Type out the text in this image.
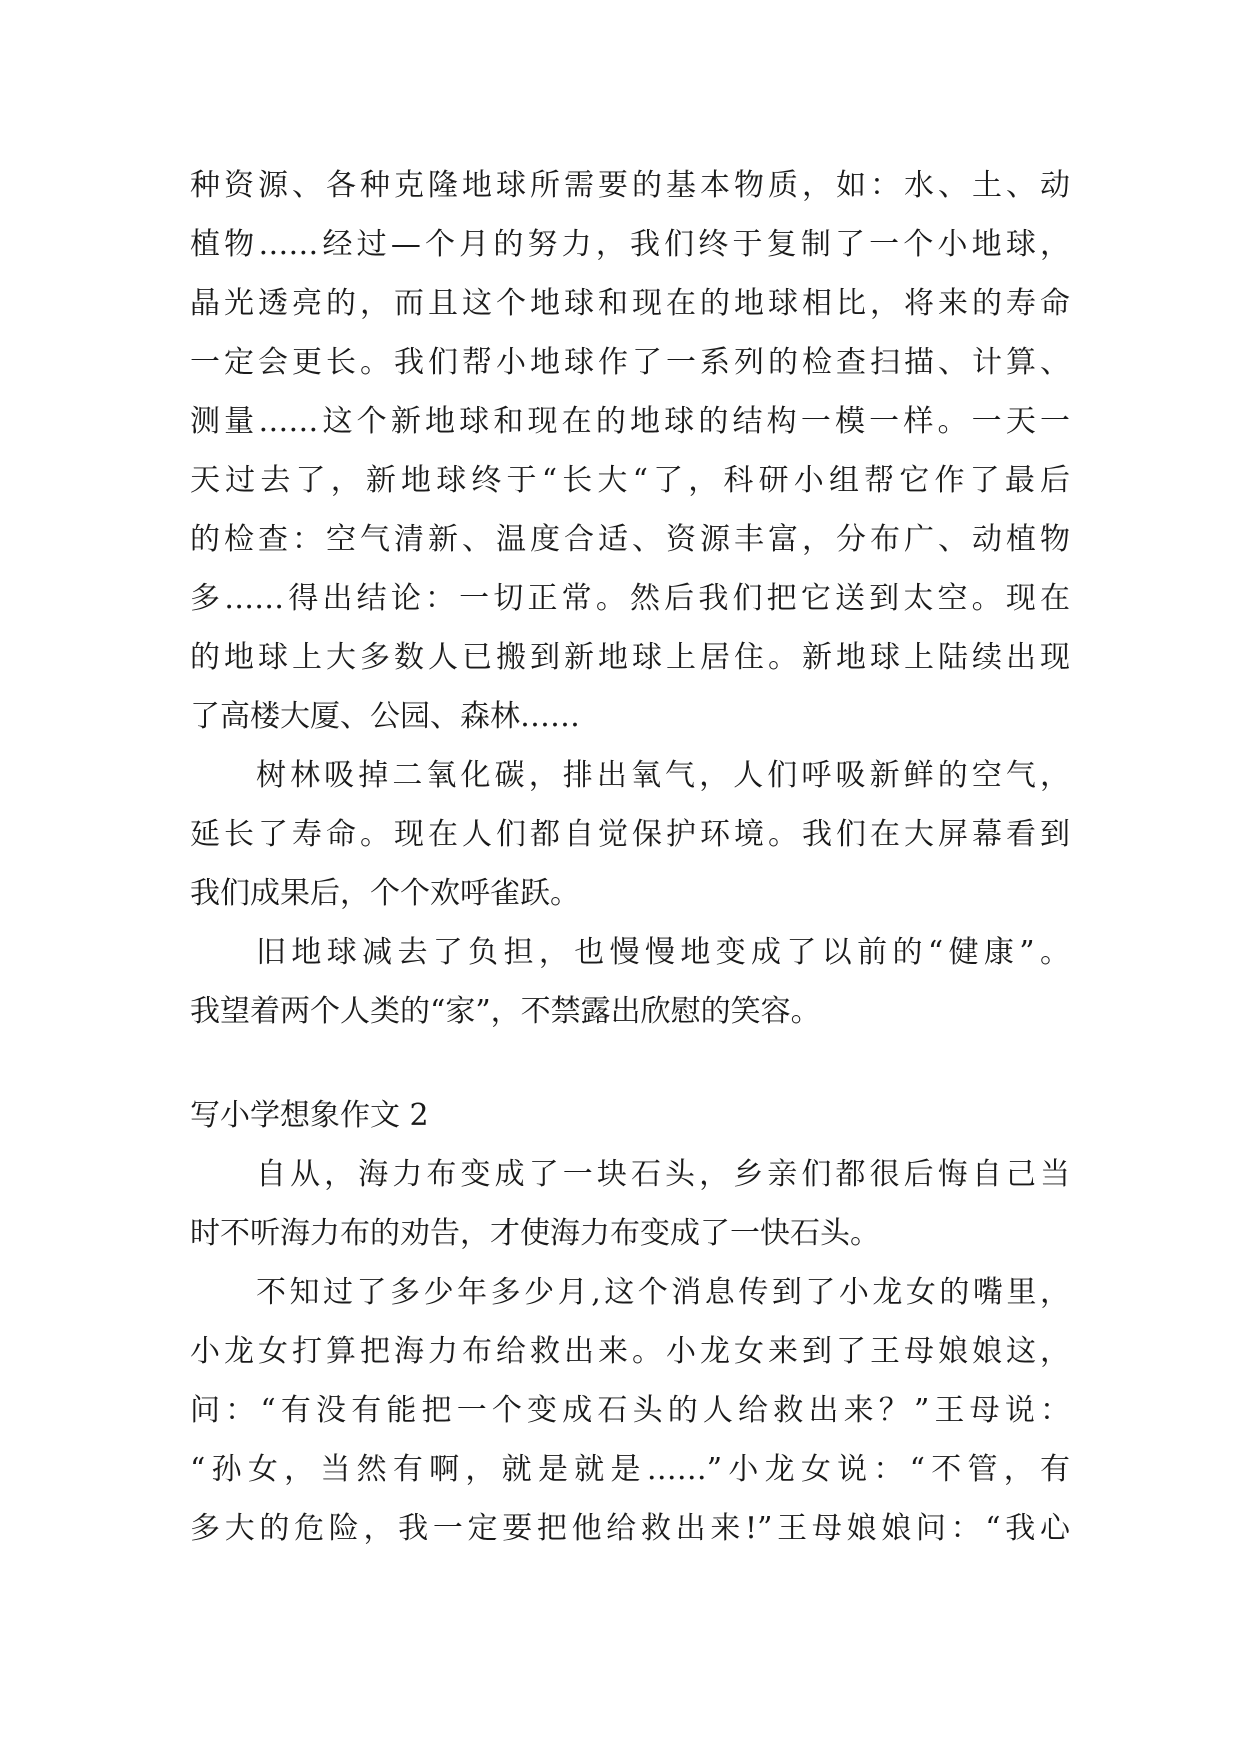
种资源、各种克隆地球所需要的基本物质，如：水、土、动

植物……经过—个月的努力，我们终于复制了一个小地球，

晶光透亮的，而且这个地球和现在的地球相比，将来的寿命

一定会更长。我们帮小地球作了一系列的检查扫描、计算、

测量……这个新地球和现在的地球的结构一模一样。一天一

天过去了，新地球终于“长大“了，科研小组帮它作了最后

的检查：空气清新、温度合适、资源丰富，分布广、动植物

多……得出结论：一切正常。然后我们把它送到太空。现在

的地球上大多数人已搬到新地球上居住。新地球上陆续出现

了高楼大厦、公园、森林……

树林吸掉二氧化碳，排出氧气，人们呼吸新鲜的空气，

延长了寿命。现在人们都自觉保护环境。我们在大屏幕看到

我们成果后，个个欢呼雀跃。

旧地球减去了负担，也慢慢地变成了以前的“健康”。

我望着两个人类的“家”，不禁露出欣慰的笑容。

写小学想象作文 2

自从，海力布变成了一块石头，乡亲们都很后悔自己当

时不听海力布的劝告，才使海力布变成了一快石头。

不知过了多少年多少月,这个消息传到了小龙女的嘴里，

小龙女打算把海力布给救出来。小龙女来到了王母娘娘这，

问：“有没有能把一个变成石头的人给救出来？”王母说：

“孙女，当然有啊，就是就是……”小龙女说：“不管，有

多大的危险，我一定要把他给救出来!”王母娘娘问：“我心
